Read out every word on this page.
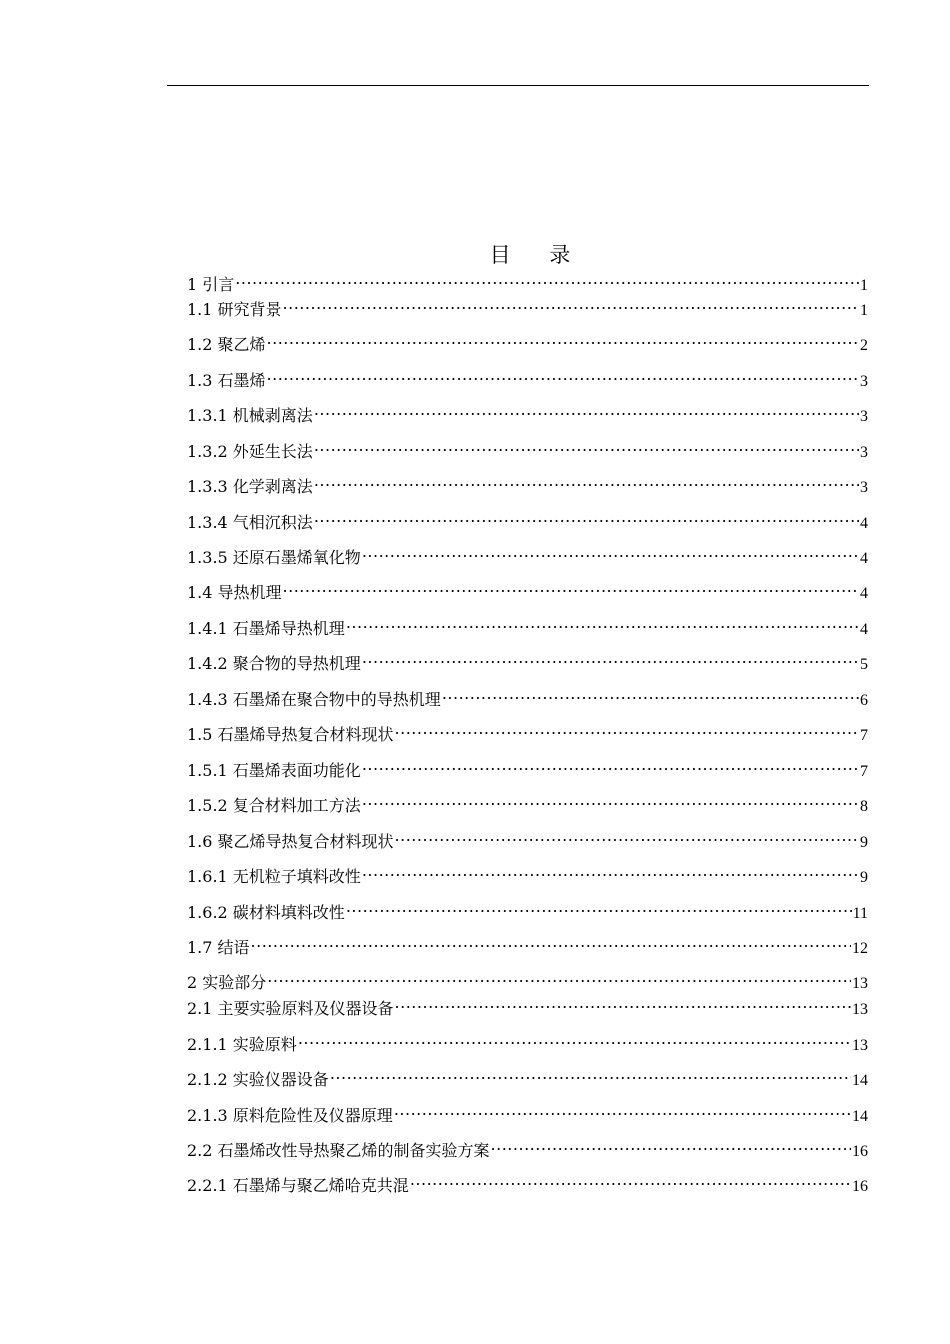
目 录
1 引言 .....	1
1.1 研究背景 .....	1
1.2 聚乙烯 .....	2
1.3 石墨烯 .....	3
1.3.1 机械剥离法 .....	3
1.3.2 外延生长法 .....	3
1.3.3 化学剥离法 .....	3
1.3.4 气相沉积法 .....	4
1.3.5 还原石墨烯氧化物 .....	4
1.4 导热机理 .....	4
1.4.1 石墨烯导热机理 .....	4
1.4.2 聚合物的导热机理 .....	5
1.4.3 石墨烯在聚合物中的导热机理 .....	6
1.5 石墨烯导热复合材料现状 .....	7
1.5.1 石墨烯表面功能化 .....	7
1.5.2 复合材料加工方法 .....	8
1.6 聚乙烯导热复合材料现状 .....	9
1.6.1 无机粒子填料改性 .....	9
1.6.2 碳材料填料改性 .....	11
1.7 结语 .....	12
2 实验部分 .....	13
2.1 主要实验原料及仪器设备 .....	13
2.1.1 实验原料 .....	13
2.1.2 实验仪器设备 .....	14
2.1.3 原料危险性及仪器原理 .....	14
2.2 石墨烯改性导热聚乙烯的制备实验方案 .....	16
2.2.1 石墨烯与聚乙烯哈克共混 .....	16
